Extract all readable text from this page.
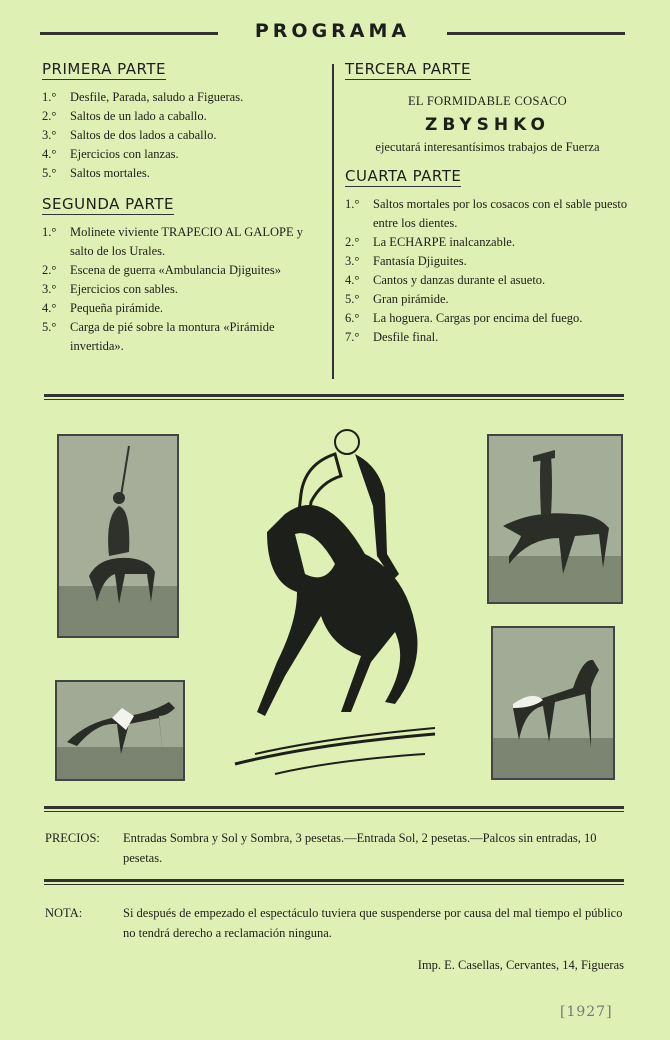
PROGRAMA
PRIMERA PARTE
1.° Desfile, Parada, saludo a Figueras.
2.° Saltos de un lado a caballo.
3.° Saltos de dos lados a caballo.
4.° Ejercicios con lanzas.
5.° Saltos mortales.
SEGUNDA PARTE
1.° Molinete viviente TRAPECIO AL GALOPE y salto de los Urales.
2.° Escena de guerra «Ambulancia Djiguites»
3.° Ejercicios con sables.
4.° Pequeña pirámide.
5.° Carga de pié sobre la montura «Pirámide invertida».
TERCERA PARTE
EL FORMIDABLE COSACO
ZBYSHKO
ejecutará interesantísimos trabajos de Fuerza
CUARTA PARTE
1.° Saltos mortales por los cosacos con el sable puesto entre los dientes.
2.° La ECHARPE inalcanzable.
3.° Fantasía Djiguites.
4.° Cantos y danzas durante el asueto.
5.° Gran pirámide.
6.° La hoguera. Cargas por encima del fuego.
7.° Desfile final.
PRECIOS: Entradas Sombra y Sol y Sombra, 3 pesetas.—Entrada Sol, 2 pesetas.—Palcos sin entradas, 10 pesetas.
NOTA:	Si después de empezado el espectáculo tuviera que suspenderse por causa del mal tiempo el público no tendrá derecho a reclamación ninguna.
Imp. E. Casellas, Cervantes, 14, Figueras
[1927]
